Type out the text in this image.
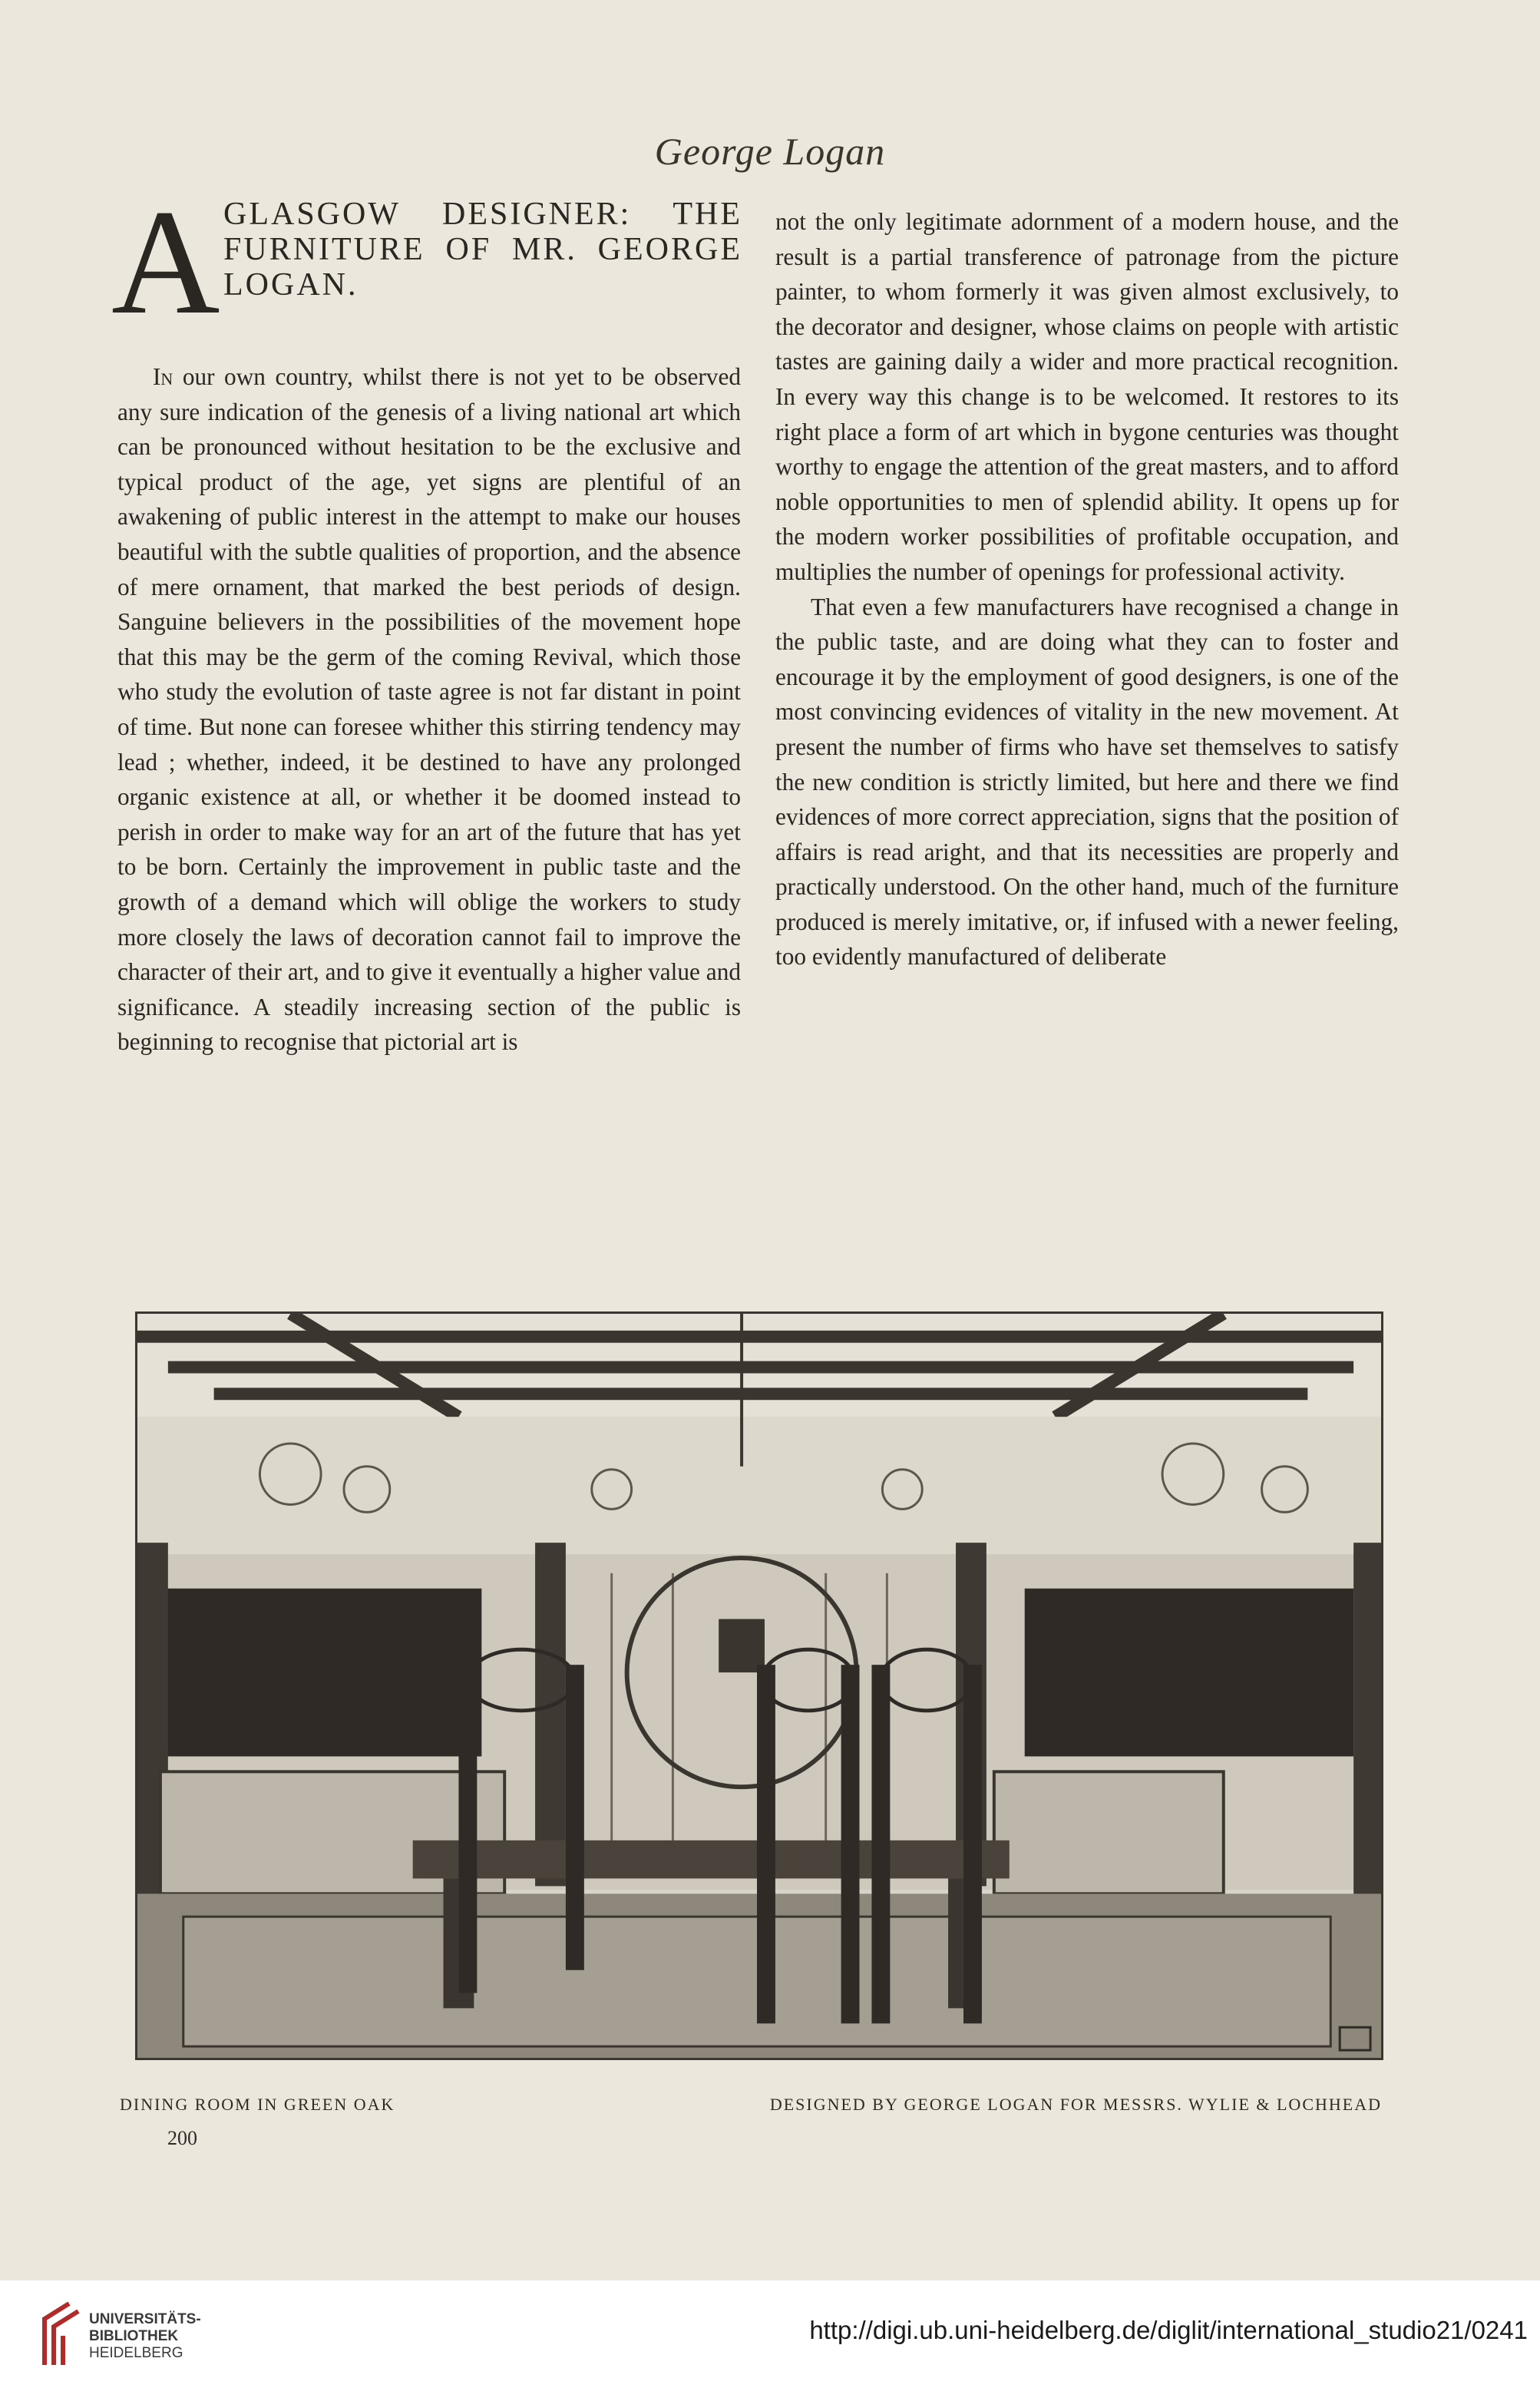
George Logan
A GLASGOW DESIGNER: THE FURNITURE OF MR. GEORGE LOGAN.

In our own country, whilst there is not yet to be observed any sure indication of the genesis of a living national art which can be pronounced without hesitation to be the exclusive and typical product of the age, yet signs are plentiful of an awakening of public interest in the attempt to make our houses beautiful with the subtle qualities of proportion, and the absence of mere ornament, that marked the best periods of design. Sanguine believers in the possibilities of the movement hope that this may be the germ of the coming Revival, which those who study the evolution of taste agree is not far distant in point of time. But none can foresee whither this stirring tendency may lead ; whether, indeed, it be destined to have any prolonged organic existence at all, or whether it be doomed instead to perish in order to make way for an art of the future that has yet to be born. Certainly the improvement in public taste and the growth of a demand which will oblige the workers to study more closely the laws of decoration cannot fail to improve the character of their art, and to give it eventually a higher value and significance. A steadily increasing section of the public is beginning to recognise that pictorial art is

not the only legitimate adornment of a modern house, and the result is a partial transference of patronage from the picture painter, to whom formerly it was given almost exclusively, to the decorator and designer, whose claims on people with artistic tastes are gaining daily a wider and more practical recognition. In every way this change is to be welcomed. It restores to its right place a form of art which in bygone centuries was thought worthy to engage the attention of the great masters, and to afford noble opportunities to men of splendid ability. It opens up for the modern worker possibilities of profitable occupation, and multiplies the number of openings for professional activity.

That even a few manufacturers have recognised a change in the public taste, and are doing what they can to foster and encourage it by the employment of good designers, is one of the most convincing evidences of vitality in the new movement. At present the number of firms who have set themselves to satisfy the new condition is strictly limited, but here and there we find evidences of more correct appreciation, signs that the position of affairs is read aright, and that its necessities are properly and practically understood. On the other hand, much of the furniture produced is merely imitative, or, if infused with a newer feeling, too evidently manufactured of deliberate

DINING ROOM IN GREEN OAK	DESIGNED BY GEORGE LOGAN FOR MESSRS. WYLIE & LOCHHEAD
200
UNIVERSITÄTS-
BIBLIOTHEK
HEIDELBERG
http://digi.ub.uni-heidelberg.de/diglit/international_studio21/0241
